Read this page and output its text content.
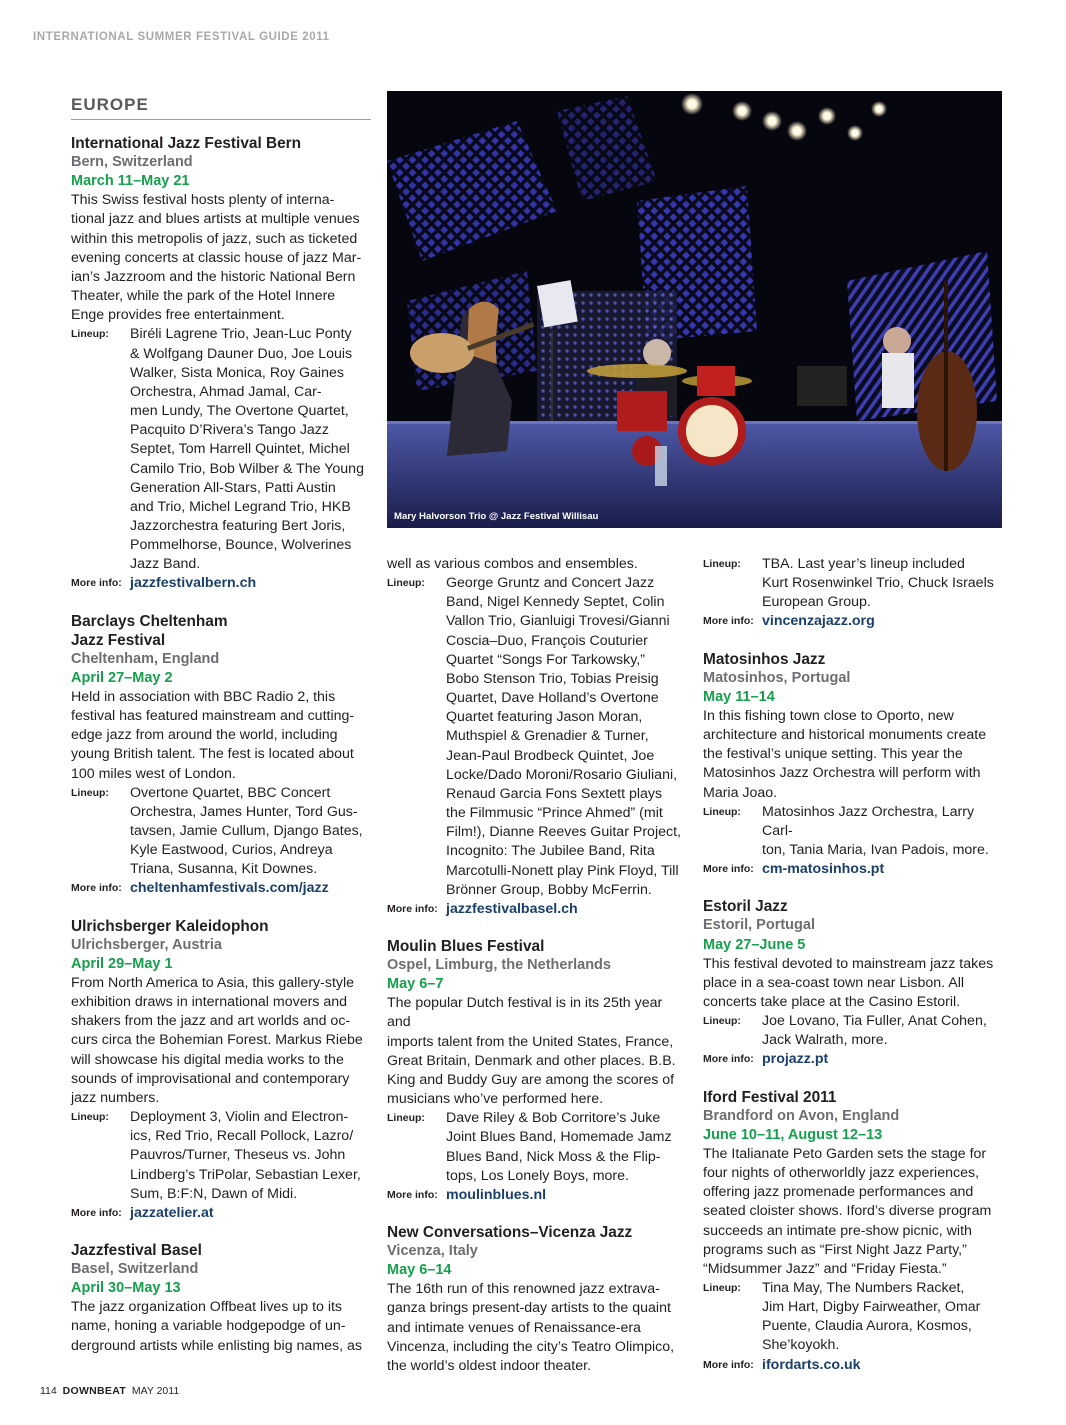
INTERNATIONAL SUMMER FESTIVAL GUIDE 2011
EUROPE
International Jazz Festival Bern
Bern, Switzerland
March 11–May 21
This Swiss festival hosts plenty of interna-
tional jazz and blues artists at multiple venues
within this metropolis of jazz, such as ticketed
evening concerts at classic house of jazz Mar-
ian’s Jazzroom and the historic National Bern
Theater, while the park of the Hotel Innere
Enge provides free entertainment.
Lineup:	Biréli Lagrene Trio, Jean-Luc Ponty
& Wolfgang Dauner Duo, Joe Louis
Walker, Sista Monica, Roy Gaines
Orchestra, Ahmad Jamal, Car-
men Lundy, The Overtone Quartet,
Pacquito D’Rivera’s Tango Jazz
Septet, Tom Harrell Quintet, Michel
Camilo Trio, Bob Wilber & The Young
Generation All-Stars, Patti Austin
and Trio, Michel Legrand Trio, HKB
Jazzorchestra featuring Bert Joris,
Pommelhorse, Bounce, Wolverines
Jazz Band.
More info: jazzfestivalbern.ch
Barclays Cheltenham
Jazz Festival
Cheltenham, England
April 27–May 2
Held in association with BBC Radio 2, this
festival has featured mainstream and cutting-
edge jazz from around the world, including
young British talent. The fest is located about
100 miles west of London.
Lineup:	Overtone Quartet, BBC Concert
Orchestra, James Hunter, Tord Gus-
tavsen, Jamie Cullum, Django Bates,
Kyle Eastwood, Curios, Andreya
Triana, Susanna, Kit Downes.
More info: cheltenhamfestivals.com/jazz
Ulrichsberger Kaleidophon
Ulrichsberger, Austria
April 29–May 1
From North America to Asia, this gallery-style
exhibition draws in international movers and
shakers from the jazz and art worlds and oc-
curs circa the Bohemian Forest. Markus Riebe
will showcase his digital media works to the
sounds of improvisational and contemporary
jazz numbers.
Lineup:	Deployment 3, Violin and Electron-
ics, Red Trio, Recall Pollock, Lazro/
Pauvros/Turner, Theseus vs. John
Lindberg’s TriPolar, Sebastian Lexer,
Sum, B:F:N, Dawn of Midi.
More info: jazzatelier.at
Jazzfestival Basel
Basel, Switzerland
April 30–May 13
The jazz organization Offbeat lives up to its
name, honing a variable hodgepodge of un-
derground artists while enlisting big names, as
Mary Halvorson Trio @ Jazz Festival Willisau
well as various combos and ensembles.
Lineup:	George Gruntz and Concert Jazz
Band, Nigel Kennedy Septet, Colin
Vallon Trio, Gianluigi Trovesi/Gianni
Coscia–Duo, François Couturier
Quartet “Songs For Tarkowsky,”
Bobo Stenson Trio, Tobias Preisig
Quartet, Dave Holland’s Overtone
Quartet featuring Jason Moran,
Muthspiel & Grenadier & Turner,
Jean-Paul Brodbeck Quintet, Joe
Locke/Dado Moroni/Rosario Giuliani,
Renaud Garcia Fons Sextett plays
the Filmmusic “Prince Ahmed” (mit
Film!), Dianne Reeves Guitar Project,
Incognito: The Jubilee Band, Rita
Marcotulli-Nonett play Pink Floyd, Till
Brönner Group, Bobby McFerrin.
More info: jazzfestivalbasel.ch
Moulin Blues Festival
Ospel, Limburg, the Netherlands
May 6–7
The popular Dutch festival is in its 25th year and
imports talent from the United States, France,
Great Britain, Denmark and other places. B.B.
King and Buddy Guy are among the scores of
musicians who’ve performed here.
Lineup:	Dave Riley & Bob Corritore’s Juke
Joint Blues Band, Homemade Jamz
Blues Band, Nick Moss & the Flip-
tops, Los Lonely Boys, more.
More info: moulinblues.nl
New Conversations–Vicenza Jazz
Vicenza, Italy
May 6–14
The 16th run of this renowned jazz extrava-
ganza brings present-day artists to the quaint
and intimate venues of Renaissance-era
Vincenza, including the city’s Teatro Olimpico,
the world’s oldest indoor theater.
Lineup:	TBA. Last year’s lineup included
Kurt Rosenwinkel Trio, Chuck Israels
European Group.
More info: vincenzajazz.org
Matosinhos Jazz
Matosinhos, Portugal
May 11–14
In this fishing town close to Oporto, new
architecture and historical monuments create
the festival’s unique setting. This year the
Matosinhos Jazz Orchestra will perform with
Maria Joao.
Lineup:	Matosinhos Jazz Orchestra, Larry Carl-
ton, Tania Maria, Ivan Padois, more.
More info: cm-matosinhos.pt
Estoril Jazz
Estoril, Portugal
May 27–June 5
This festival devoted to mainstream jazz takes
place in a sea-coast town near Lisbon. All
concerts take place at the Casino Estoril.
Lineup:	Joe Lovano, Tia Fuller, Anat Cohen,
Jack Walrath, more.
More info: projazz.pt
Iford Festival 2011
Brandford on Avon, England
June 10–11, August 12–13
The Italianate Peto Garden sets the stage for
four nights of otherworldly jazz experiences,
offering jazz promenade performances and
seated cloister shows. Iford’s diverse program
succeeds an intimate pre-show picnic, with
programs such as “First Night Jazz Party,”
“Midsummer Jazz” and “Friday Fiesta.”
Lineup:	Tina May, The Numbers Racket,
Jim Hart, Digby Fairweather, Omar
Puente, Claudia Aurora, Kosmos,
She’koyokh.
More info: ifordarts.co.uk
114 DOWNBEAT MAY 2011
